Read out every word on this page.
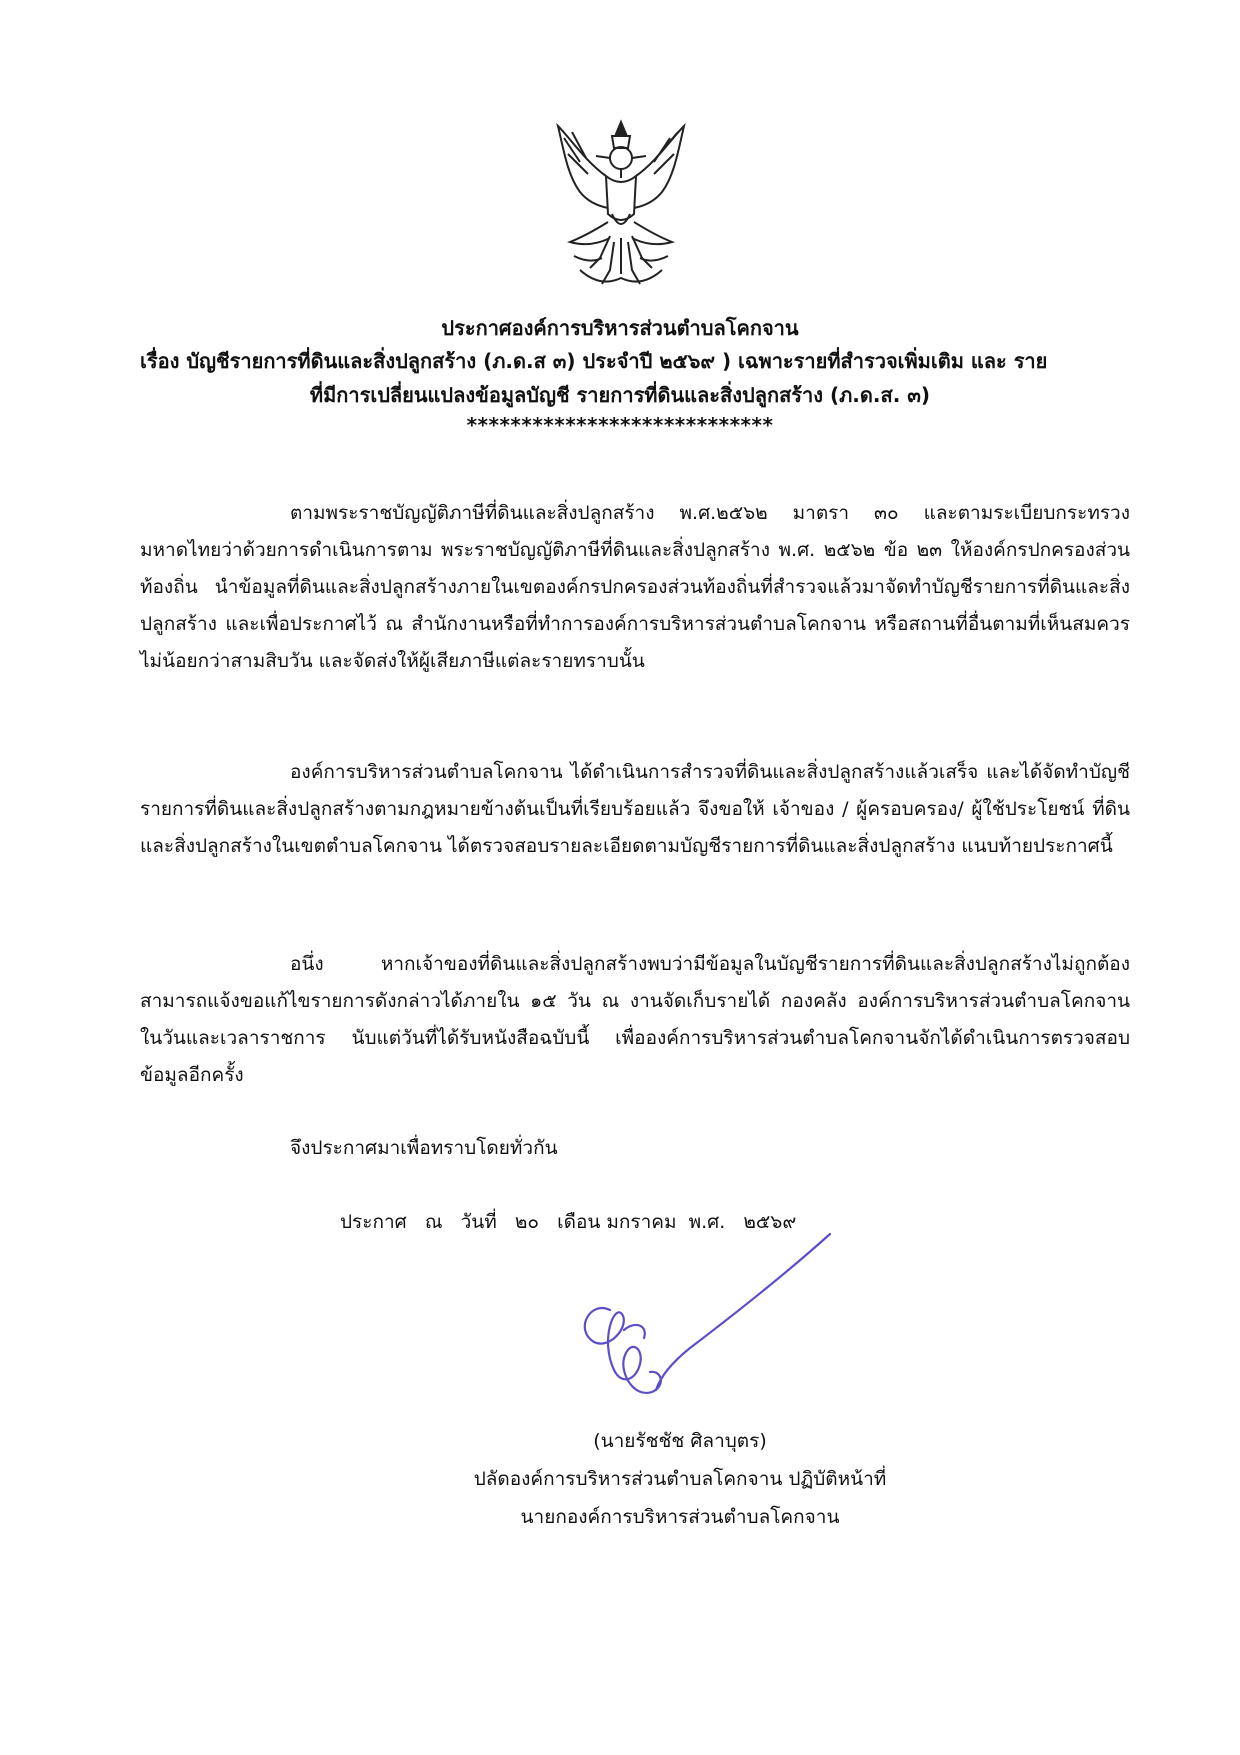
ประกาศองค์การบริหารส่วนตำบลโคกจาน
เรื่อง บัญชีรายการที่ดินและสิ่งปลูกสร้าง (ภ.ด.ส ๓) ประจำปี ๒๕๖๙ ) เฉพาะรายที่สำรวจเพิ่มเติม และ ราย
ที่มีการเปลี่ยนแปลงข้อมูลบัญชี รายการที่ดินและสิ่งปลูกสร้าง (ภ.ด.ส. ๓)
****************************
ตามพระราชบัญญัติภาษีที่ดินและสิ่งปลูกสร้าง พ.ศ.๒๕๖๒ มาตรา ๓๐ และตามระเบียบกระทรวงมหาดไทยว่าด้วยการดำเนินการตาม พระราชบัญญัติภาษีที่ดินและสิ่งปลูกสร้าง พ.ศ. ๒๕๖๒ ข้อ ๒๓ ให้องค์กรปกครองส่วนท้องถิ่น นำข้อมูลที่ดินและสิ่งปลูกสร้างภายในเขตองค์กรปกครองส่วนท้องถิ่นที่สำรวจแล้วมาจัดทำบัญชีรายการที่ดินและสิ่งปลูกสร้าง และเพื่อประกาศไว้ ณ สำนักงานหรือที่ทำการองค์การบริหารส่วนตำบลโคกจาน หรือสถานที่อื่นตามที่เห็นสมควร ไม่น้อยกว่าสามสิบวัน และจัดส่งให้ผู้เสียภาษีแต่ละรายทราบนั้น
องค์การบริหารส่วนตำบลโคกจาน ได้ดำเนินการสำรวจที่ดินและสิ่งปลูกสร้างแล้วเสร็จ และได้จัดทำบัญชีรายการที่ดินและสิ่งปลูกสร้างตามกฎหมายข้างต้นเป็นที่เรียบร้อยแล้ว จึงขอให้ เจ้าของ / ผู้ครอบครอง/ ผู้ใช้ประโยชน์ ที่ดินและสิ่งปลูกสร้างในเขตตำบลโคกจาน ได้ตรวจสอบรายละเอียดตามบัญชีรายการที่ดินและสิ่งปลูกสร้าง แนบท้ายประกาศนี้
อนึ่ง หากเจ้าของที่ดินและสิ่งปลูกสร้างพบว่ามีข้อมูลในบัญชีรายการที่ดินและสิ่งปลูกสร้างไม่ถูกต้อง สามารถแจ้งขอแก้ไขรายการดังกล่าวได้ภายใน ๑๕ วัน ณ งานจัดเก็บรายได้ กองคลัง องค์การบริหารส่วนตำบลโคกจาน ในวันและเวลาราชการ นับแต่วันที่ได้รับหนังสือฉบับนี้ เพื่อองค์การบริหารส่วนตำบลโคกจานจักได้ดำเนินการตรวจสอบข้อมูลอีกครั้ง
จึงประกาศมาเพื่อทราบโดยทั่วกัน
ประกาศ   ณ   วันที่   ๒๐   เดือน มกราคม  พ.ศ.   ๒๕๖๙
(นายรัชชัช ศิลาบุตร)
ปลัดองค์การบริหารส่วนตำบลโคกจาน ปฏิบัติหน้าที่
นายกองค์การบริหารส่วนตำบลโคกจาน
